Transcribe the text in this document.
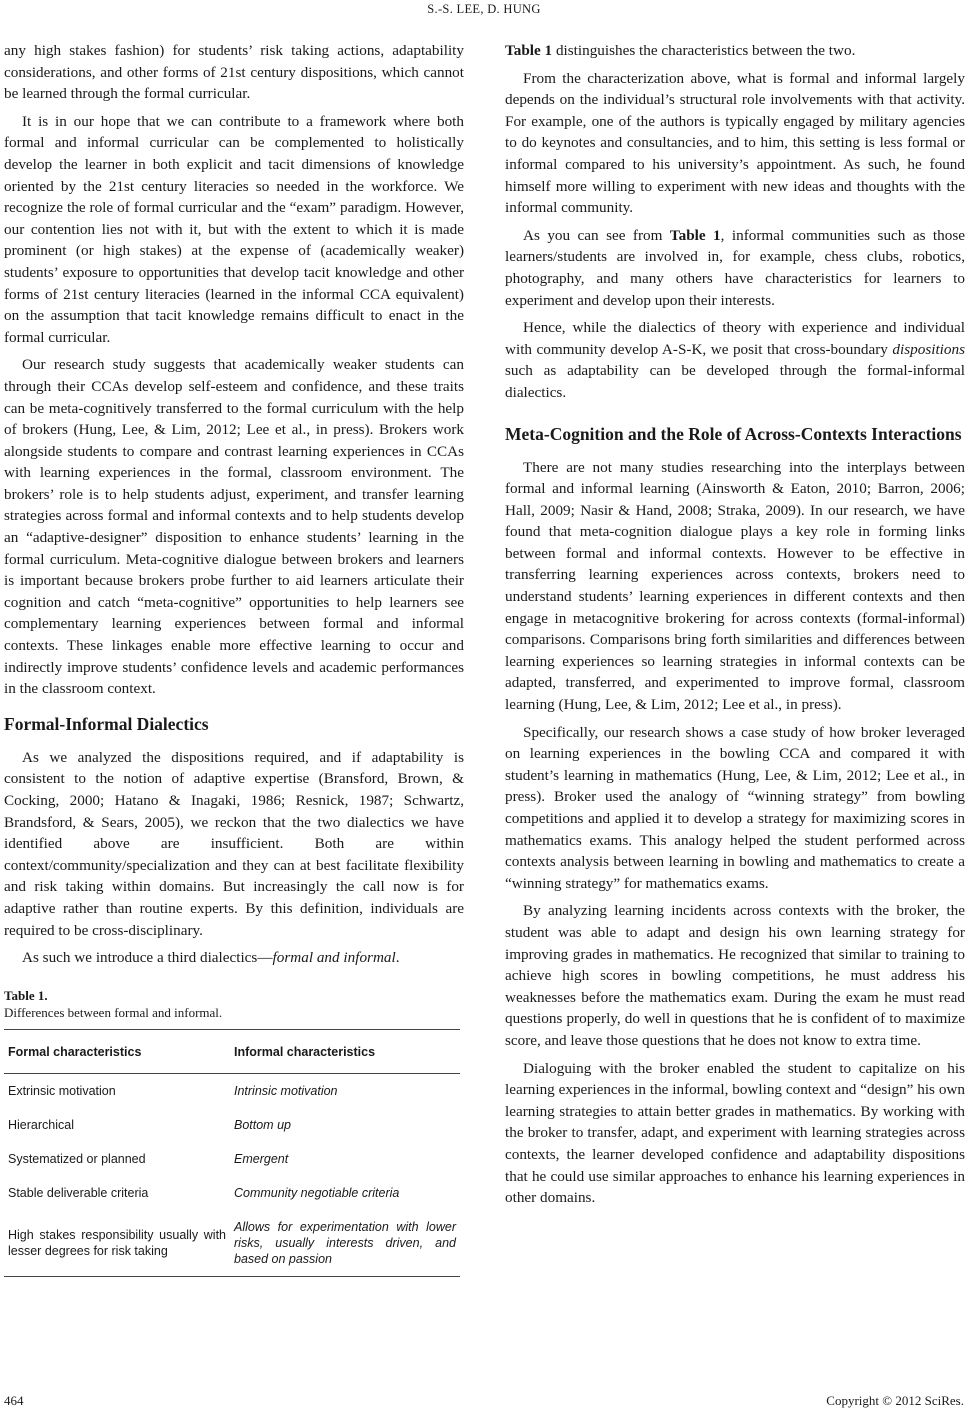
S.-S. LEE, D. HUNG

any high stakes fashion) for students’ risk taking actions, adaptability considerations, and other forms of 21st century dispositions, which cannot be learned through the formal curricular.

It is in our hope that we can contribute to a framework where both formal and informal curricular can be complemented to holistically develop the learner in both explicit and tacit dimensions of knowledge oriented by the 21st century literacies so needed in the workforce. We recognize the role of formal curricular and the “exam” paradigm. However, our contention lies not with it, but with the extent to which it is made prominent (or high stakes) at the expense of (academically weaker) students’ exposure to opportunities that develop tacit knowledge and other forms of 21st century literacies (learned in the informal CCA equivalent) on the assumption that tacit knowledge remains difficult to enact in the formal curricular.

Our research study suggests that academically weaker students can through their CCAs develop self-esteem and confidence, and these traits can be meta-cognitively transferred to the formal curriculum with the help of brokers (Hung, Lee, & Lim, 2012; Lee et al., in press). Brokers work alongside students to compare and contrast learning experiences in CCAs with learning experiences in the formal, classroom environment. The brokers’ role is to help students adjust, experiment, and transfer learning strategies across formal and informal contexts and to help students develop an “adaptive-designer” disposition to enhance students’ learning in the formal curriculum. Meta-cognitive dialogue between brokers and learners is important because brokers probe further to aid learners articulate their cognition and catch “meta-cognitive” opportunities to help learners see complementary learning experiences between formal and informal contexts. These linkages enable more effective learning to occur and indirectly improve students’ confidence levels and academic performances in the classroom context.

Formal-Informal Dialectics

As we analyzed the dispositions required, and if adaptability is consistent to the notion of adaptive expertise (Bransford, Brown, & Cocking, 2000; Hatano & Inagaki, 1986; Resnick, 1987; Schwartz, Brandsford, & Sears, 2005), we reckon that the two dialectics we have identified above are insufficient. Both are within context/community/specialization and they can at best facilitate flexibility and risk taking within domains. But increasingly the call now is for adaptive rather than routine experts. By this definition, individuals are required to be cross-disciplinary.

As such we introduce a third dialectics—formal and informal.

Table 1.
Differences between formal and informal.
Formal characteristics	Informal characteristics
Extrinsic motivation	Intrinsic motivation
Hierarchical	Bottom up
Systematized or planned	Emergent
Stable deliverable criteria	Community negotiable criteria
High stakes responsibility usually with lesser degrees for risk taking	Allows for experimentation with lower risks, usually interests driven, and based on passion

Table 1 distinguishes the characteristics between the two.

From the characterization above, what is formal and informal largely depends on the individual’s structural role involvements with that activity. For example, one of the authors is typically engaged by military agencies to do keynotes and consultancies, and to him, this setting is less formal or informal compared to his university’s appointment. As such, he found himself more willing to experiment with new ideas and thoughts with the informal community.

As you can see from Table 1, informal communities such as those learners/students are involved in, for example, chess clubs, robotics, photography, and many others have characteristics for learners to experiment and develop upon their interests.

Hence, while the dialectics of theory with experience and individual with community develop A-S-K, we posit that cross-boundary dispositions such as adaptability can be developed through the formal-informal dialectics.

Meta-Cognition and the Role of Across-Contexts Interactions

There are not many studies researching into the interplays between formal and informal learning (Ainsworth & Eaton, 2010; Barron, 2006; Hall, 2009; Nasir & Hand, 2008; Straka, 2009). In our research, we have found that meta-cognition dialogue plays a key role in forming links between formal and informal contexts. However to be effective in transferring learning experiences across contexts, brokers need to understand students’ learning experiences in different contexts and then engage in metacognitive brokering for across contexts (formal-informal) comparisons. Comparisons bring forth similarities and differences between learning experiences so learning strategies in informal contexts can be adapted, transferred, and experimented to improve formal, classroom learning (Hung, Lee, & Lim, 2012; Lee et al., in press).

Specifically, our research shows a case study of how broker leveraged on learning experiences in the bowling CCA and compared it with student’s learning in mathematics (Hung, Lee, & Lim, 2012; Lee et al., in press). Broker used the analogy of “winning strategy” from bowling competitions and applied it to develop a strategy for maximizing scores in mathematics exams. This analogy helped the student performed across contexts analysis between learning in bowling and mathematics to create a “winning strategy” for mathematics exams.

By analyzing learning incidents across contexts with the broker, the student was able to adapt and design his own learning strategy for improving grades in mathematics. He recognized that similar to training to achieve high scores in bowling competitions, he must address his weaknesses before the mathematics exam. During the exam he must read questions properly, do well in questions that he is confident of to maximize score, and leave those questions that he does not know to extra time.

Dialoguing with the broker enabled the student to capitalize on his learning experiences in the informal, bowling context and “design” his own learning strategies to attain better grades in mathematics. By working with the broker to transfer, adapt, and experiment with learning strategies across contexts, the learner developed confidence and adaptability dispositions that he could use similar approaches to enhance his learning experiences in other domains.

464	Copyright © 2012 SciRes.
